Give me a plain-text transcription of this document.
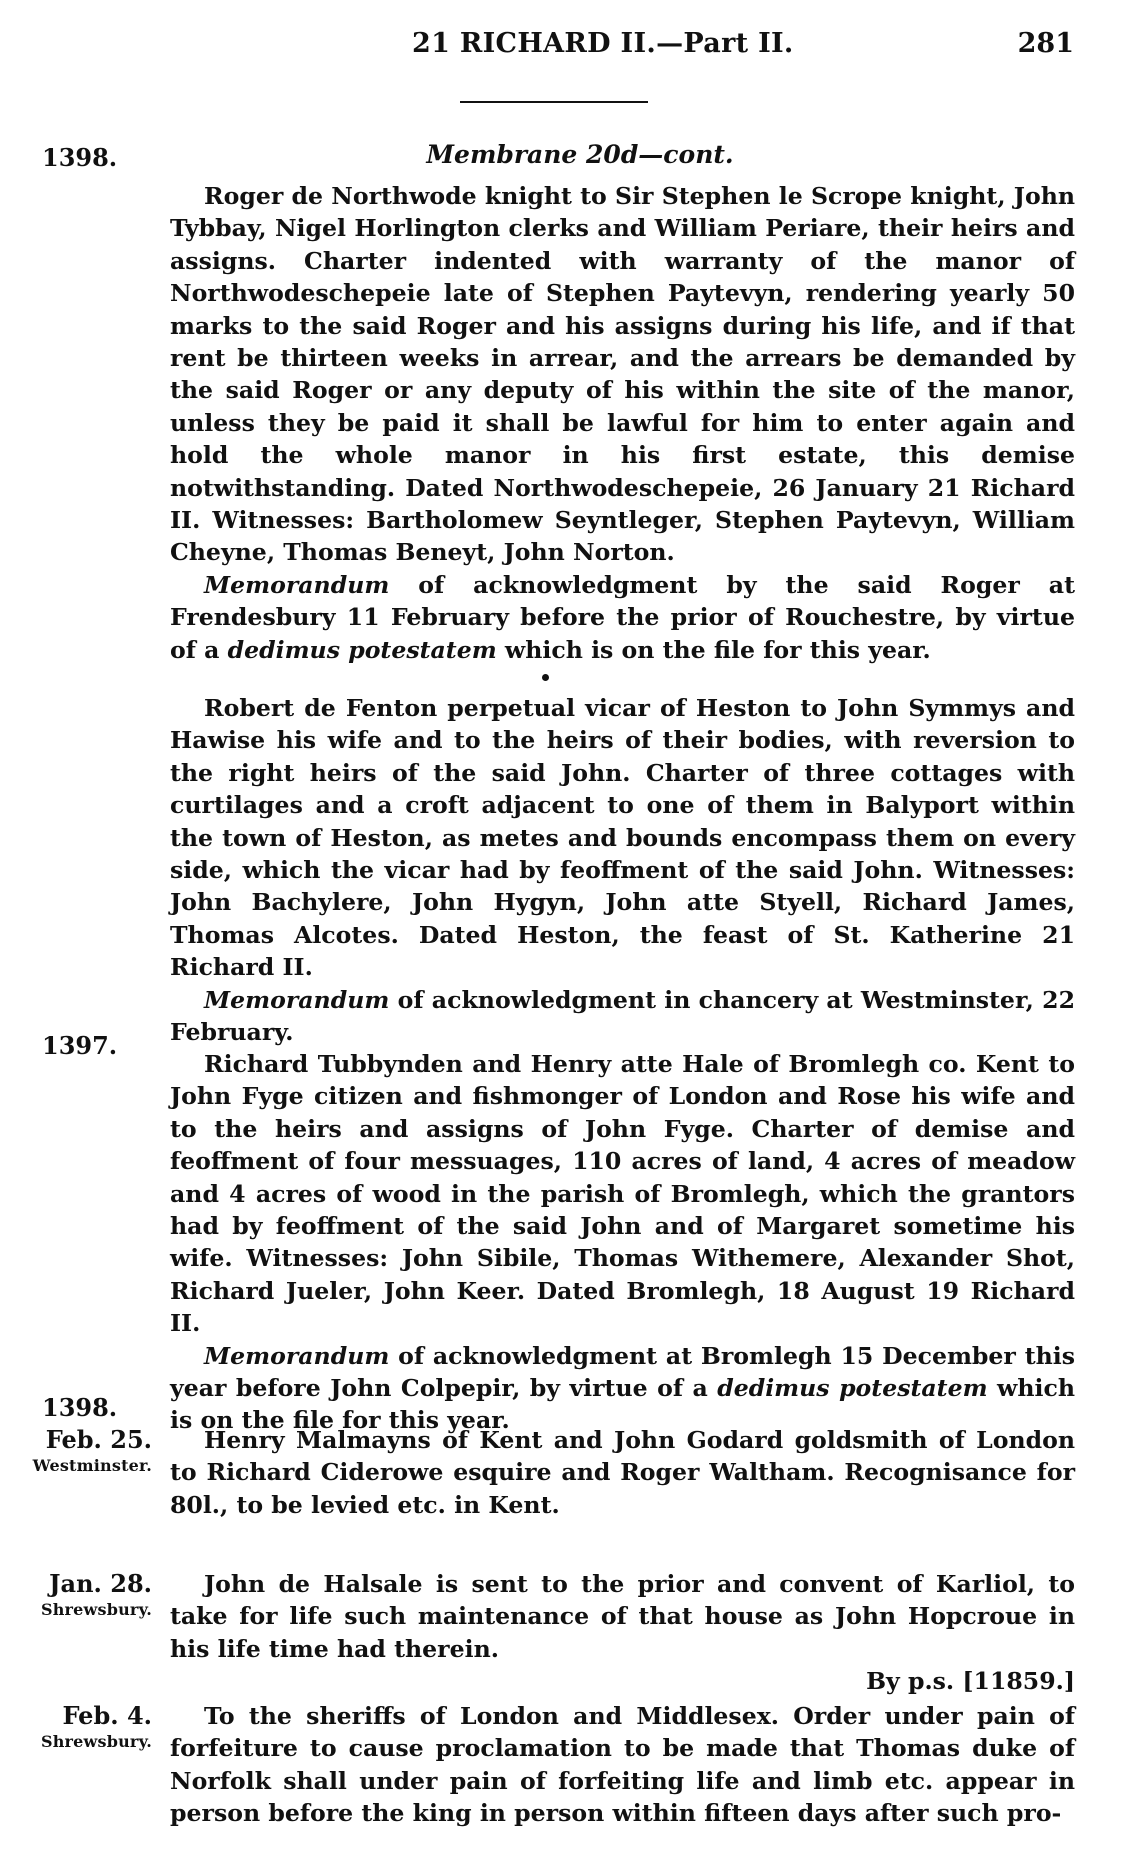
21 RICHARD II.—Part II.	281
Membrane 20d—cont.
1398.
1397.
1398.
Feb. 25.
Westminster.
Jan. 28.
Shrewsbury.
Feb. 4.
Shrewsbury.

Roger de Northwode knight to Sir Stephen le Scrope knight, John Tybbay, Nigel Horlington clerks and William Periare, their heirs and assigns. Charter indented with warranty of the manor of Northwodeschepeie late of Stephen Paytevyn, rendering yearly 50 marks to the said Roger and his assigns during his life, and if that rent be thirteen weeks in arrear, and the arrears be demanded by the said Roger or any deputy of his within the site of the manor, unless they be paid it shall be lawful for him to enter again and hold the whole manor in his first estate, this demise notwithstanding. Dated Northwodeschepeie, 26 January 21 Richard II. Witnesses: Bartholomew Seyntleger, Stephen Paytevyn, William Cheyne, Thomas Beneyt, John Norton.

Memorandum of acknowledgment by the said Roger at Frendesbury 11 February before the prior of Rouchestre, by virtue of a dedimus potestatem which is on the file for this year.

Robert de Fenton perpetual vicar of Heston to John Symmys and Hawise his wife and to the heirs of their bodies, with reversion to the right heirs of the said John. Charter of three cottages with curtilages and a croft adjacent to one of them in Balyport within the town of Heston, as metes and bounds encompass them on every side, which the vicar had by feoffment of the said John. Witnesses: John Bachylere, John Hygyn, John atte Styell, Richard James, Thomas Alcotes. Dated Heston, the feast of St. Katherine 21 Richard II.

Memorandum of acknowledgment in chancery at Westminster, 22 February.

Richard Tubbynden and Henry atte Hale of Bromlegh co. Kent to John Fyge citizen and fishmonger of London and Rose his wife and to the heirs and assigns of John Fyge. Charter of demise and feoffment of four messuages, 110 acres of land, 4 acres of meadow and 4 acres of wood in the parish of Bromlegh, which the grantors had by feoffment of the said John and of Margaret sometime his wife. Witnesses: John Sibile, Thomas Withemere, Alexander Shot, Richard Jueler, John Keer. Dated Bromlegh, 18 August 19 Richard II.

Memorandum of acknowledgment at Bromlegh 15 December this year before John Colpepir, by virtue of a dedimus potestatem which is on the file for this year.

Henry Malmayns of Kent and John Godard goldsmith of London to Richard Ciderowe esquire and Roger Waltham. Recognisance for 80l., to be levied etc. in Kent.

John de Halsale is sent to the prior and convent of Karliol, to take for life such maintenance of that house as John Hopcroue in his life time had therein.

By p.s. [11859.]

To the sheriffs of London and Middlesex. Order under pain of forfeiture to cause proclamation to be made that Thomas duke of Norfolk shall under pain of forfeiting life and limb etc. appear in person before the king in person within fifteen days after such pro-
